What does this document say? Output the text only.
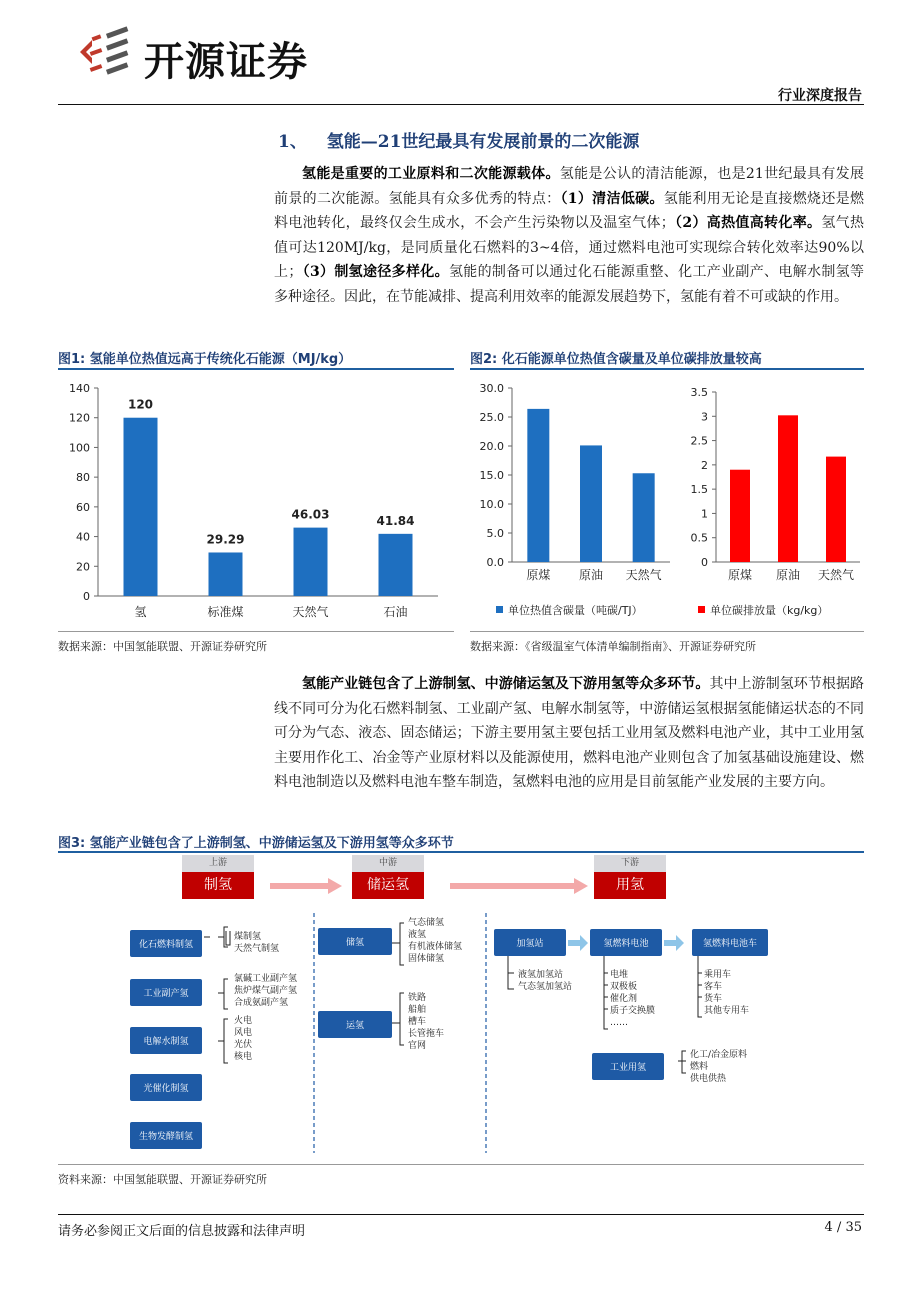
开源证券
行业深度报告
1、 氢能—21世纪最具有发展前景的二次能源
氢能是重要的工业原料和二次能源载体。氢能是公认的清洁能源，也是21世纪最具有发展前景的二次能源。氢能具有众多优秀的特点：（1）清洁低碳。氢能利用无论是直接燃烧还是燃料电池转化，最终仅会生成水，不会产生污染物以及温室气体；（2）高热值高转化率。氢气热值可达120MJ/kg，是同质量化石燃料的3~4倍，通过燃料电池可实现综合转化效率达90%以上；（3）制氢途径多样化。氢能的制备可以通过化石能源重整、化工产业副产、电解水制氢等多种途径。因此，在节能减排、提高利用效率的能源发展趋势下，氢能有着不可或缺的作用。
图1: 氢能单位热值远高于传统化石能源（MJ/kg）
140
120
100
80
60
40
20
0
氢
120
标准煤
29.29
天然气
46.03
石油
41.84
数据来源：中国氢能联盟、开源证券研究所
图2: 化石能源单位热值含碳量及单位碳排放量较高
30.0
25.0
20.0
15.0
10.0
5.0
0.0
原煤 原油 天然气
3.5
3
2.5
2
1.5
1
0.5
0
原煤 原油 天然气
单位热值含碳量（吨碳/TJ）	单位碳排放量（kg/kg）
数据来源：《省级温室气体清单编制指南》、开源证券研究所
氢能产业链包含了上游制氢、中游储运氢及下游用氢等众多环节。其中上游制氢环节根据路线不同可分为化石燃料制氢、工业副产氢、电解水制氢等，中游储运氢根据氢能储运状态的不同可分为气态、液态、固态储运；下游主要用氢主要包括工业用氢及燃料电池产业，其中工业用氢主要用作化工、冶金等产业原材料以及能源使用，燃料电池产业则包含了加氢基础设施建设、燃料电池制造以及燃料电池车整车制造，氢燃料电池的应用是目前氢能产业发展的主要方向。
图3: 氢能产业链包含了上游制氢、中游储运氢及下游用氢等众多环节
上游
制氢
中游
储运氢
下游
用氢
化石燃料制氢
煤制氢
天然气制氢
工业副产氢
氯碱工业副产氢
焦炉煤气副产氢
合成氨副产氢
电解水制氢
火电
风电
光伏
核电
光催化制氢
生物发酵制氢
储氢
气态储氢
液氢
有机液体储氢
固体储氢
运氢
铁路
船舶
槽车
长管拖车
官网
加氢站
液氢加氢站
气态氢加氢站
氢燃料电池
电堆
双极板
催化剂
质子交换膜
……
氢燃料电池车
乘用车
客车
货车
其他专用车
工业用氢
化工/冶金原料
燃料
供电供热
资料来源：中国氢能联盟、开源证券研究所
请务必参阅正文后面的信息披露和法律声明	4 / 35
